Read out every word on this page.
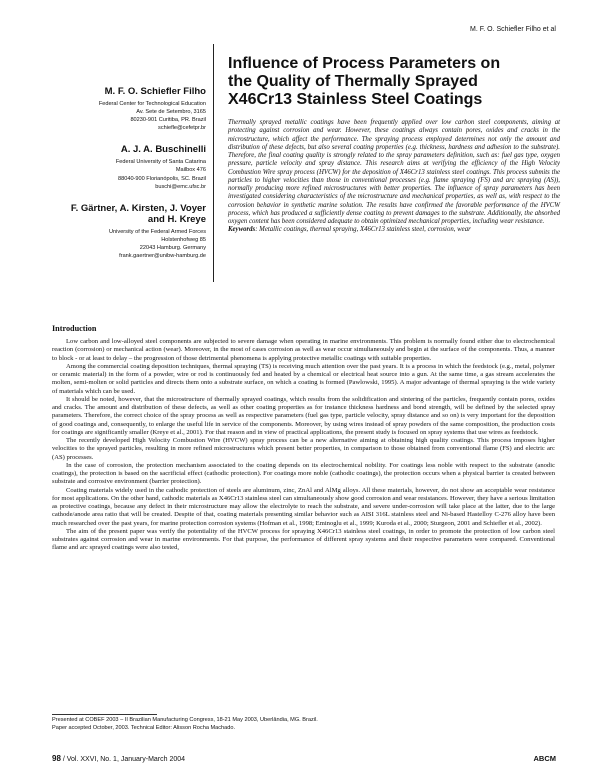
M. F. O. Schiefler Filho et al
M. F. O. Schiefler Filho
Federal Center for Technological Education
Av. Sete de Setembro, 3165
80230-901 Curitiba, PR. Brazil
schiefle@cefetpr.br
A. J. A. Buschinelli
Federal University of Santa Catarina
Mailbox 476
88040-900 Florianópolis, SC. Brazil
buschi@emc.ufsc.br
F. Gärtner, A. Kirsten, J. Voyer
and H. Kreye
University of the Federal Armed Forces
Holstenhofweg 85
22043 Hamburg. Germany
frank.gaertner@unibw-hamburg.de
Influence of Process Parameters on
the Quality of Thermally Sprayed
X46Cr13 Stainless Steel Coatings

Thermally sprayed metallic coatings have been frequently applied over low carbon steel components, aiming at protecting against corrosion and wear. However, these coatings always contain pores, oxides and cracks in the microstructure, which affect the performance. The spraying process employed determines not only the amount and distribution of these defects, but also several coating properties (e.g. thickness, hardness and adhesion to the substrate). Therefore, the final coating quality is strongly related to the spray parameters definition, such as: fuel gas type, oxygen pressure, particle velocity and spray distance. This research aims at verifying the efficiency of the High Velocity Combustion Wire spray process (HVCW) for the deposition of X46Cr13 stainless steel coatings. This process submits the particles to higher velocities than those in conventional processes (e.g. flame spraying (FS) and arc spraying (AS)), normally producing more refined microstructures with better properties. The influence of spray parameters has been investigated considering characteristics of the microstructure and mechanical properties, as well as, with respect to the corrosion behavior in synthetic marine solution. The results have confirmed the favorable performance of the HVCW process, which has produced a sufficiently dense coating to prevent damages to the substrate. Additionally, the absorbed oxygen content has been considered adequate to obtain optimized mechanical properties, including wear resistance.

Keywords: Metallic coatings, thermal spraying, X46Cr13 stainless steel, corrosion, wear

Introduction

Low carbon and low-alloyed steel components are subjected to severe damage when operating in marine environments. This problem is normally found either due to electrochemical reaction (corrosion) or mechanical action (wear). Moreover, in the most of cases corrosion as well as wear occur simultaneously and begin at the surface of the components. Thus, a manner to block - or at least to delay – the progression of those detrimental phenomena is applying protective metallic coatings with suitable properties.

Among the commercial coating deposition techniques, thermal spraying (TS) is receiving much attention over the past years. It is a process in which the feedstock (e.g., metal, polymer or ceramic material) in the form of a powder, wire or rod is continuously fed and heated by a chemical or electrical heat source into a gun. At the same time, a gas stream accelerates the molten, semi-molten or solid particles and directs them onto a substrate surface, on which a coating is formed (Pawlowski, 1995). A major advantage of thermal spraying is the wide variety of materials which can be used.

It should be noted, however, that the microstructure of thermally sprayed coatings, which results from the solidification and sintering of the particles, frequently contain pores, oxides and cracks. The amount and distribution of these defects, as well as other coating properties as for instance thickness hardness and bond strength, will be defined by the selected spray parameters. Therefore, the correct choice of the spray process as well as respective parameters (fuel gas type, particle velocity, spray distance and so on) is very important for the deposition of good coatings and, consequently, to enlarge the useful life in service of the components. Moreover, by using wires instead of spray powders of the same composition, the production costs for coatings are significantly smaller (Kreye et al., 2001). For that reason and in view of practical applications, the present study is focused on spray systems that use wires as feedstock.

The recently developed High Velocity Combustion Wire (HVCW) spray process can be a new alternative aiming at obtaining high quality coatings. This process imposes higher velocities to the sprayed particles, resulting in more refined microstructures which present better properties, in comparison to those obtained from conventional flame (FS) and electric arc (AS) processes.

In the case of corrosion, the protection mechanism associated to the coating depends on its electrochemical nobility. For coatings less noble with respect to the substrate (anodic coatings), the protection is based on the sacrificial effect (cathodic protection). For coatings more noble (cathodic coatings), the protection occurs when a physical barrier is created between substrate and corrosive environment (barrier protection).

Coating materials widely used in the cathodic protection of steels are aluminum, zinc, ZnAl and AlMg alloys. All these materials, however, do not show an acceptable wear resistance for most applications. On the other hand, cathodic materials as X46Cr13 stainless steel can simultaneously show good corrosion and wear resistances. However, they have a serious limitation as protective coatings, because any defect in their microstructure may allow the electrolyte to reach the substrate, and severe under-corrosion will take place at the latter, due to the large cathode/anode area ratio that will be created. Despite of that, coating materials presenting similar behavior such as AISI 316L stainless steel and Ni-based Hastelloy C-276 alloy have been much researched over the past years, for marine protection corrosion systems (Hofman et al., 1998; Eminoglu et al., 1999; Kuroda et al., 2000; Sturgeon, 2001 and Schiefler et al., 2002).

The aim of the present paper was verify the potentiality of the HVCW process for spraying X46Cr13 stainless steel coatings, in order to promote the protection of low carbon steel substrates against corrosion and wear in marine environments. For that purpose, the performance of different spray systems and their respective parameters were compared. Conventional flame and arc sprayed coatings were also tested,

Presented at COBEF 2003 – II Brazilian Manufacturing Congress, 18-21 May 2003, Uberlândia, MG. Brazil.
Paper accepted October, 2003. Technical Editor: Alisson Rocha Machado.
98 / Vol. XXVI, No. 1, January-March 2004	ABCM
